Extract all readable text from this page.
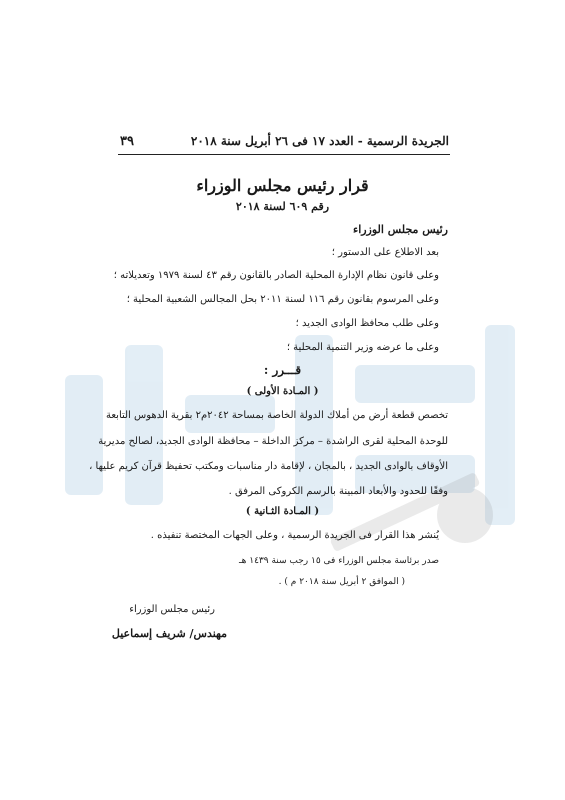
الجريدة الرسمية - العدد ١٧ فى ٢٦ أبريل سنة ٢٠١٨
٣٩
قرار رئيس مجلس الوزراء
رقم ٦٠٩ لسنة ٢٠١٨
رئيس مجلس الوزراء
بعد الاطلاع على الدستور ؛
وعلى قانون نظام الإدارة المحلية الصادر بالقانون رقم ٤٣ لسنة ١٩٧٩ وتعديلاته ؛
وعلى المرسوم بقانون رقم ١١٦ لسنة ٢٠١١ بحل المجالس الشعبية المحلية ؛
وعلى طلب محافظ الوادى الجديد ؛
وعلى ما عرضه وزير التنمية المحلية ؛
قـــرر :
( المـادة الأولى )
تخصص قطعة أرض من أملاك الدولة الخاصة بمساحة ٢٠٤٢م٢ بقرية الدهوس التابعة
للوحدة المحلية لقرى الراشدة – مركز الداخلة – محافظة الوادى الجديد، لصالح مديرية
الأوقاف بالوادى الجديد ، بالمجان ، لإقامة دار مناسبات ومكتب تحفيظ قرآن كريم عليها ،
وفقًا للحدود والأبعاد المبينة بالرسم الكروكى المرفق .
( المـادة الثـانية )
يُنشر هذا القرار فى الجريدة الرسمية ، وعلى الجهات المختصة تنفيذه .
صدر برئاسة مجلس الوزراء فى ١٥ رجب سنة ١٤٣٩ هـ
( الموافق ٢ أبريل سنة ٢٠١٨ م ) .
رئيس مجلس الوزراء
مهندس/ شريف إسماعيل
